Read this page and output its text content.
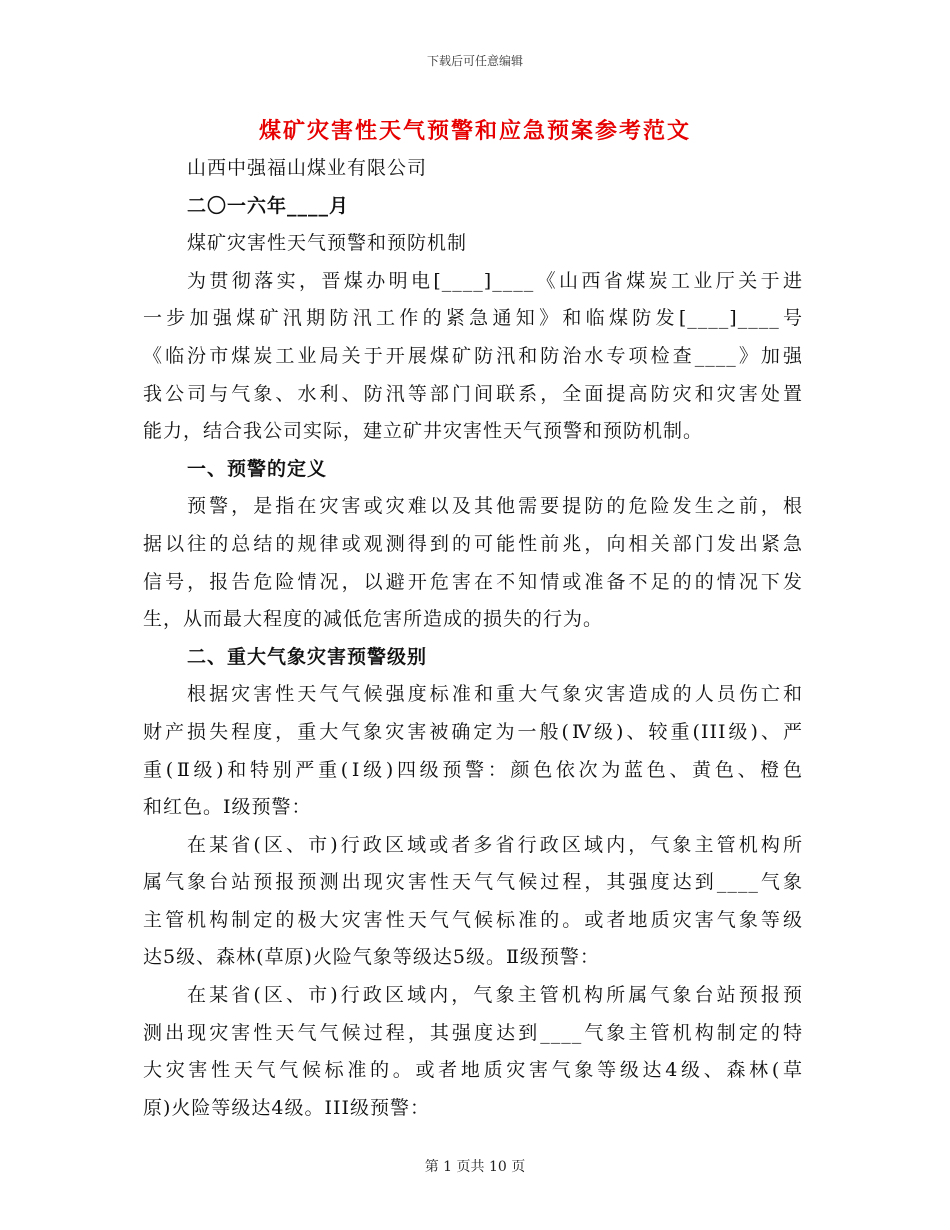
下载后可任意编辑
煤矿灾害性天气预警和应急预案参考范文
山西中强福山煤业有限公司
二〇一六年____月
煤矿灾害性天气预警和预防机制
为贯彻落实，晋煤办明电[____]____《山西省煤炭工业厅关于进
一步加强煤矿汛期防汛工作的紧急通知》和临煤防发[____]____号
《临汾市煤炭工业局关于开展煤矿防汛和防治水专项检查____》加强
我公司与气象、水利、防汛等部门间联系，全面提高防灾和灾害处置
能力，结合我公司实际，建立矿井灾害性天气预警和预防机制。
一、预警的定义
预警，是指在灾害或灾难以及其他需要提防的危险发生之前，根
据以往的总结的规律或观测得到的可能性前兆，向相关部门发出紧急
信号，报告危险情况，以避开危害在不知情或准备不足的的情况下发
生，从而最大程度的减低危害所造成的损失的行为。
二、重大气象灾害预警级别
根据灾害性天气气候强度标准和重大气象灾害造成的人员伤亡和
财产损失程度，重大气象灾害被确定为一般(Ⅳ级)、较重(III级)、严
重(Ⅱ级)和特别严重(Ⅰ级)四级预警：颜色依次为蓝色、黄色、橙色
和红色。Ⅰ级预警：
在某省(区、市)行政区域或者多省行政区域内，气象主管机构所
属气象台站预报预测出现灾害性天气气候过程，其强度达到____气象
主管机构制定的极大灾害性天气气候标准的。或者地质灾害气象等级
达5级、森林(草原)火险气象等级达5级。Ⅱ级预警：
在某省(区、市)行政区域内，气象主管机构所属气象台站预报预
测出现灾害性天气气候过程，其强度达到____气象主管机构制定的特
大灾害性天气气候标准的。或者地质灾害气象等级达4级、森林(草
原)火险等级达4级。III级预警：
第 1 页共 10 页
